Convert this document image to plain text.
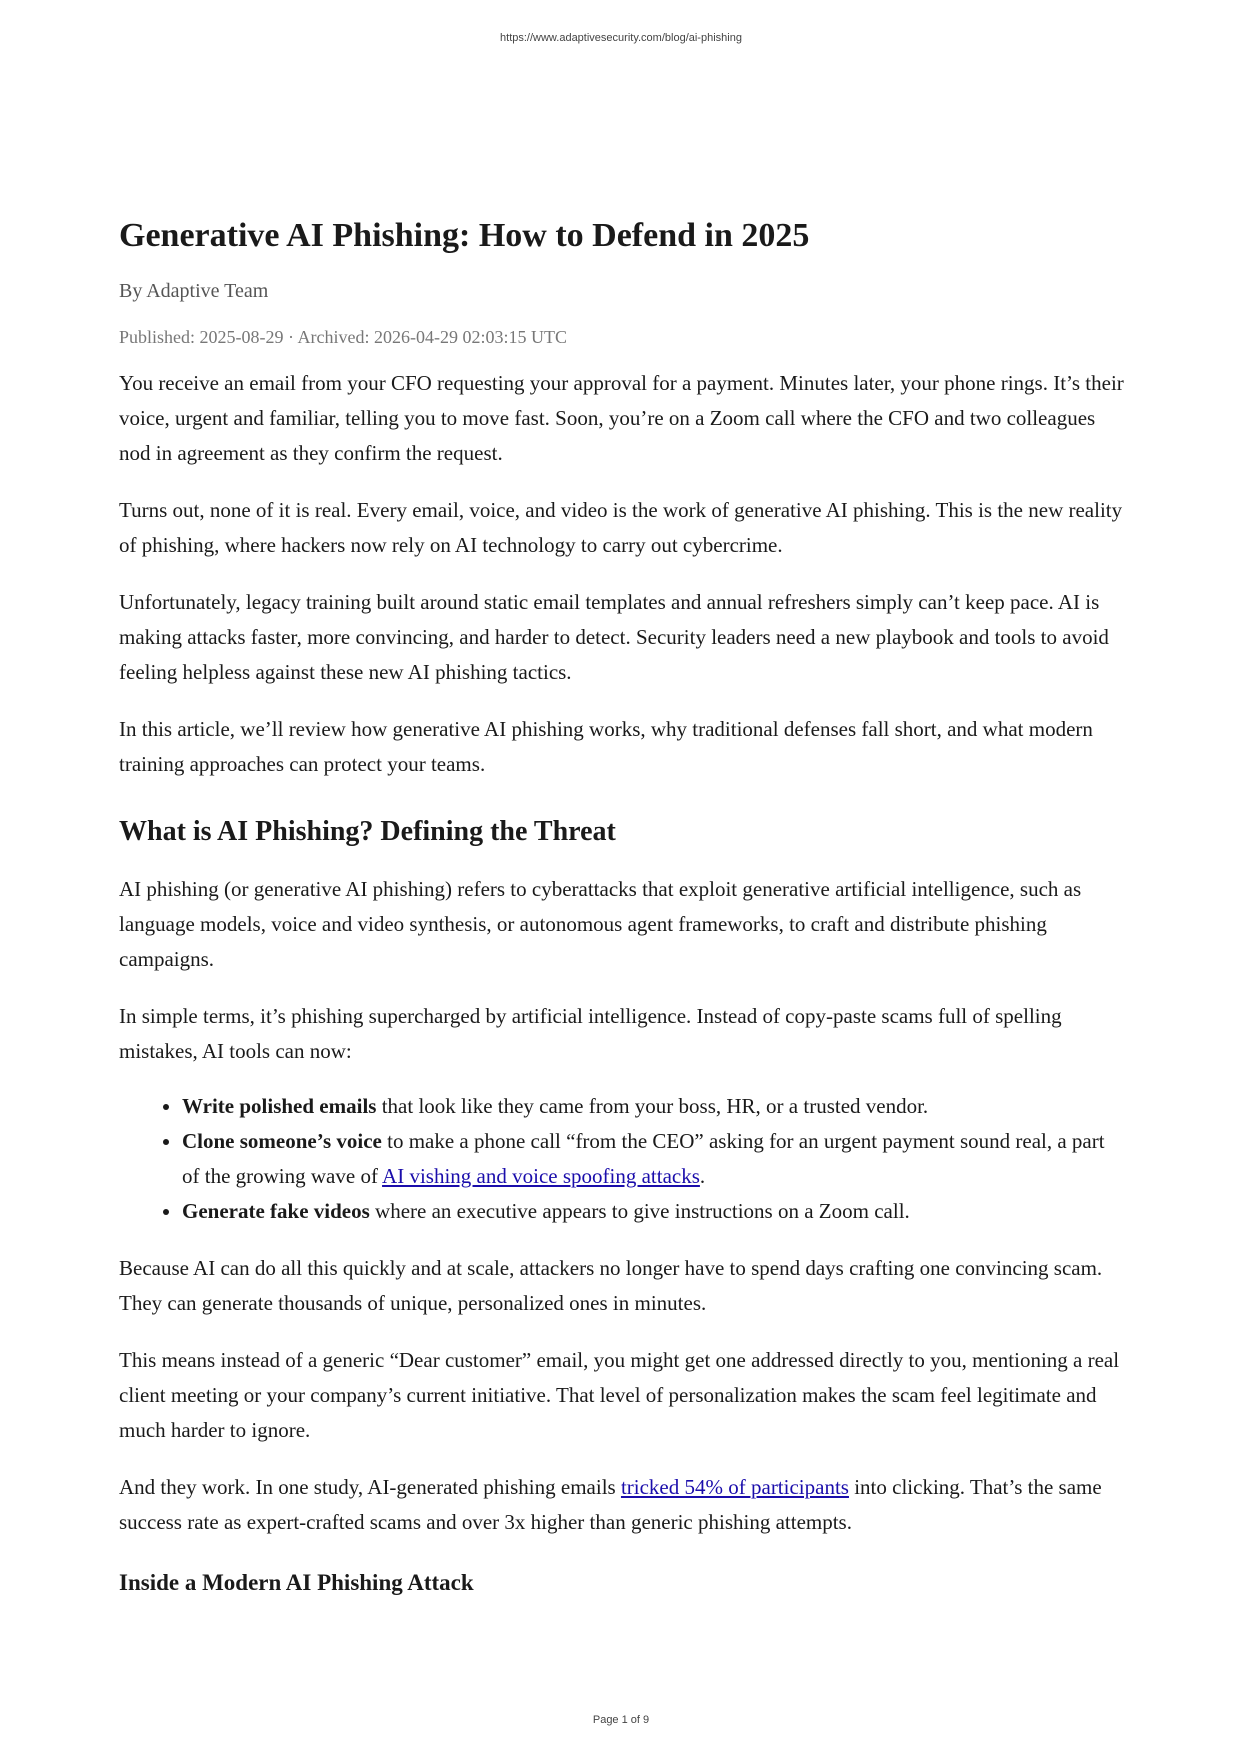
https://www.adaptivesecurity.com/blog/ai-phishing
Generative AI Phishing: How to Defend in 2025
By Adaptive Team
Published: 2025-08-29 · Archived: 2026-04-29 02:03:15 UTC

You receive an email from your CFO requesting your approval for a payment. Minutes later, your phone rings. It’s their voice, urgent and familiar, telling you to move fast. Soon, you’re on a Zoom call where the CFO and two colleagues nod in agreement as they confirm the request.

Turns out, none of it is real. Every email, voice, and video is the work of generative AI phishing. This is the new reality of phishing, where hackers now rely on AI technology to carry out cybercrime.

Unfortunately, legacy training built around static email templates and annual refreshers simply can’t keep pace. AI is making attacks faster, more convincing, and harder to detect. Security leaders need a new playbook and tools to avoid feeling helpless against these new AI phishing tactics.

In this article, we’ll review how generative AI phishing works, why traditional defenses fall short, and what modern training approaches can protect your teams.

What is AI Phishing? Defining the Threat

AI phishing (or generative AI phishing) refers to cyberattacks that exploit generative artificial intelligence, such as language models, voice and video synthesis, or autonomous agent frameworks, to craft and distribute phishing campaigns.

In simple terms, it’s phishing supercharged by artificial intelligence. Instead of copy-paste scams full of spelling mistakes, AI tools can now:

• Write polished emails that look like they came from your boss, HR, or a trusted vendor.
• Clone someone’s voice to make a phone call “from the CEO” asking for an urgent payment sound real, a part of the growing wave of AI vishing and voice spoofing attacks.
• Generate fake videos where an executive appears to give instructions on a Zoom call.

Because AI can do all this quickly and at scale, attackers no longer have to spend days crafting one convincing scam. They can generate thousands of unique, personalized ones in minutes.

This means instead of a generic “Dear customer” email, you might get one addressed directly to you, mentioning a real client meeting or your company’s current initiative. That level of personalization makes the scam feel legitimate and much harder to ignore.

And they work. In one study, AI-generated phishing emails tricked 54% of participants into clicking. That’s the same success rate as expert-crafted scams and over 3x higher than generic phishing attempts.

Inside a Modern AI Phishing Attack
Page 1 of 9
